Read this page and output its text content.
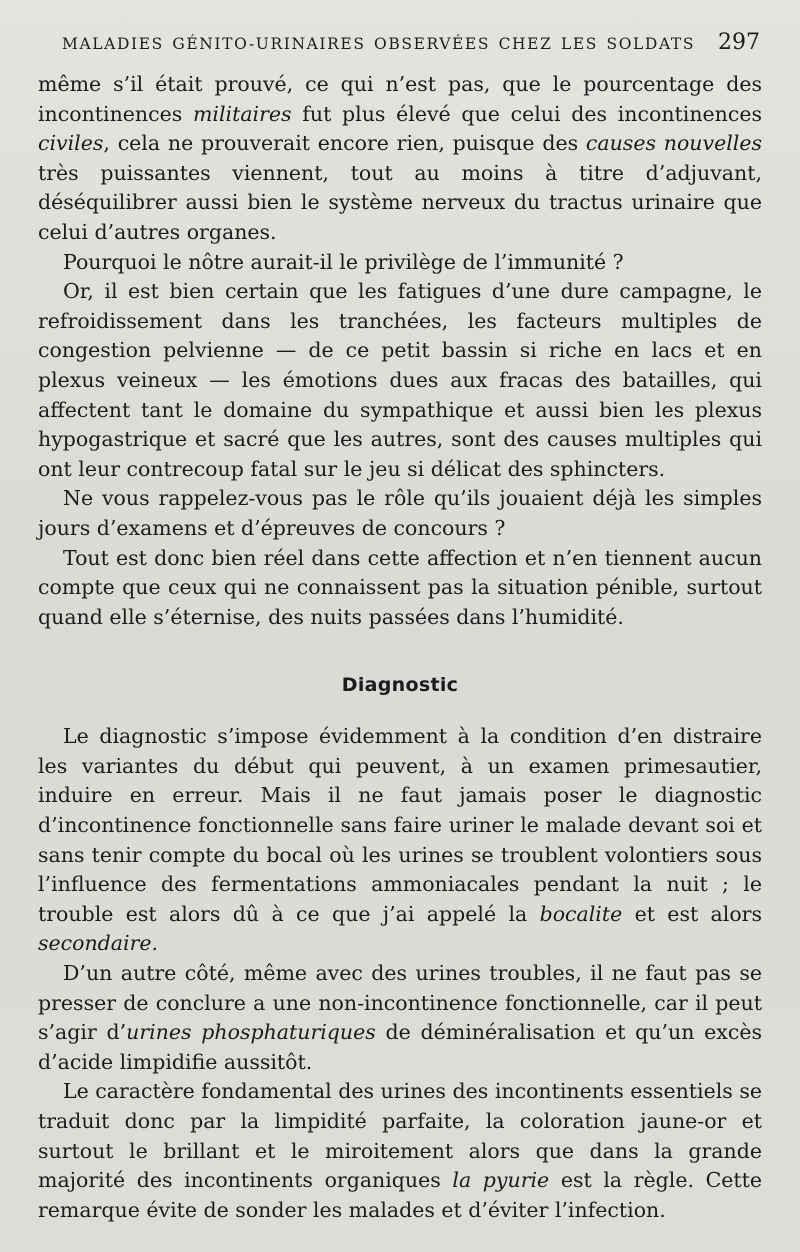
MALADIES GÉNITO-URINAIRES OBSERVÉES CHEZ LES SOLDATS 297

même s’il était prouvé, ce qui n’est pas, que le pourcentage des incontinences militaires fut plus élevé que celui des incontinences civiles, cela ne prouverait encore rien, puisque des causes nouvelles très puissantes viennent, tout au moins à titre d’adjuvant, déséquilibrer aussi bien le système nerveux du tractus urinaire que celui d’autres organes.

Pourquoi le nôtre aurait-il le privilège de l’immunité ?

Or, il est bien certain que les fatigues d’une dure campagne, le refroidissement dans les tranchées, les facteurs multiples de congestion pelvienne — de ce petit bassin si riche en lacs et en plexus veineux — les émotions dues aux fracas des batailles, qui affectent tant le domaine du sympathique et aussi bien les plexus hypogastrique et sacré que les autres, sont des causes multiples qui ont leur contrecoup fatal sur le jeu si délicat des sphincters.

Ne vous rappelez-vous pas le rôle qu’ils jouaient déjà les simples jours d’examens et d’épreuves de concours ?

Tout est donc bien réel dans cette affection et n’en tiennent aucun compte que ceux qui ne connaissent pas la situation pénible, surtout quand elle s’éternise, des nuits passées dans l’humidité.

Diagnostic

Le diagnostic s’impose évidemment à la condition d’en distraire les variantes du début qui peuvent, à un examen primesautier, induire en erreur. Mais il ne faut jamais poser le diagnostic d’incontinence fonctionnelle sans faire uriner le malade devant soi et sans tenir compte du bocal où les urines se troublent volontiers sous l’influence des fermentations ammoniacales pendant la nuit ; le trouble est alors dû à ce que j’ai appelé la bocalite et est alors secondaire.

D’un autre côté, même avec des urines troubles, il ne faut pas se presser de conclure a une non-incontinence fonctionnelle, car il peut s’agir d’urines phosphaturiques de déminéralisation et qu’un excès d’acide limpidifie aussitôt.

Le caractère fondamental des urines des incontinents essentiels se traduit donc par la limpidité parfaite, la coloration jaune-or et surtout le brillant et le miroitement alors que dans la grande majorité des incontinents organiques la pyurie est la règle. Cette remarque évite de sonder les malades et d’éviter l’infection.
